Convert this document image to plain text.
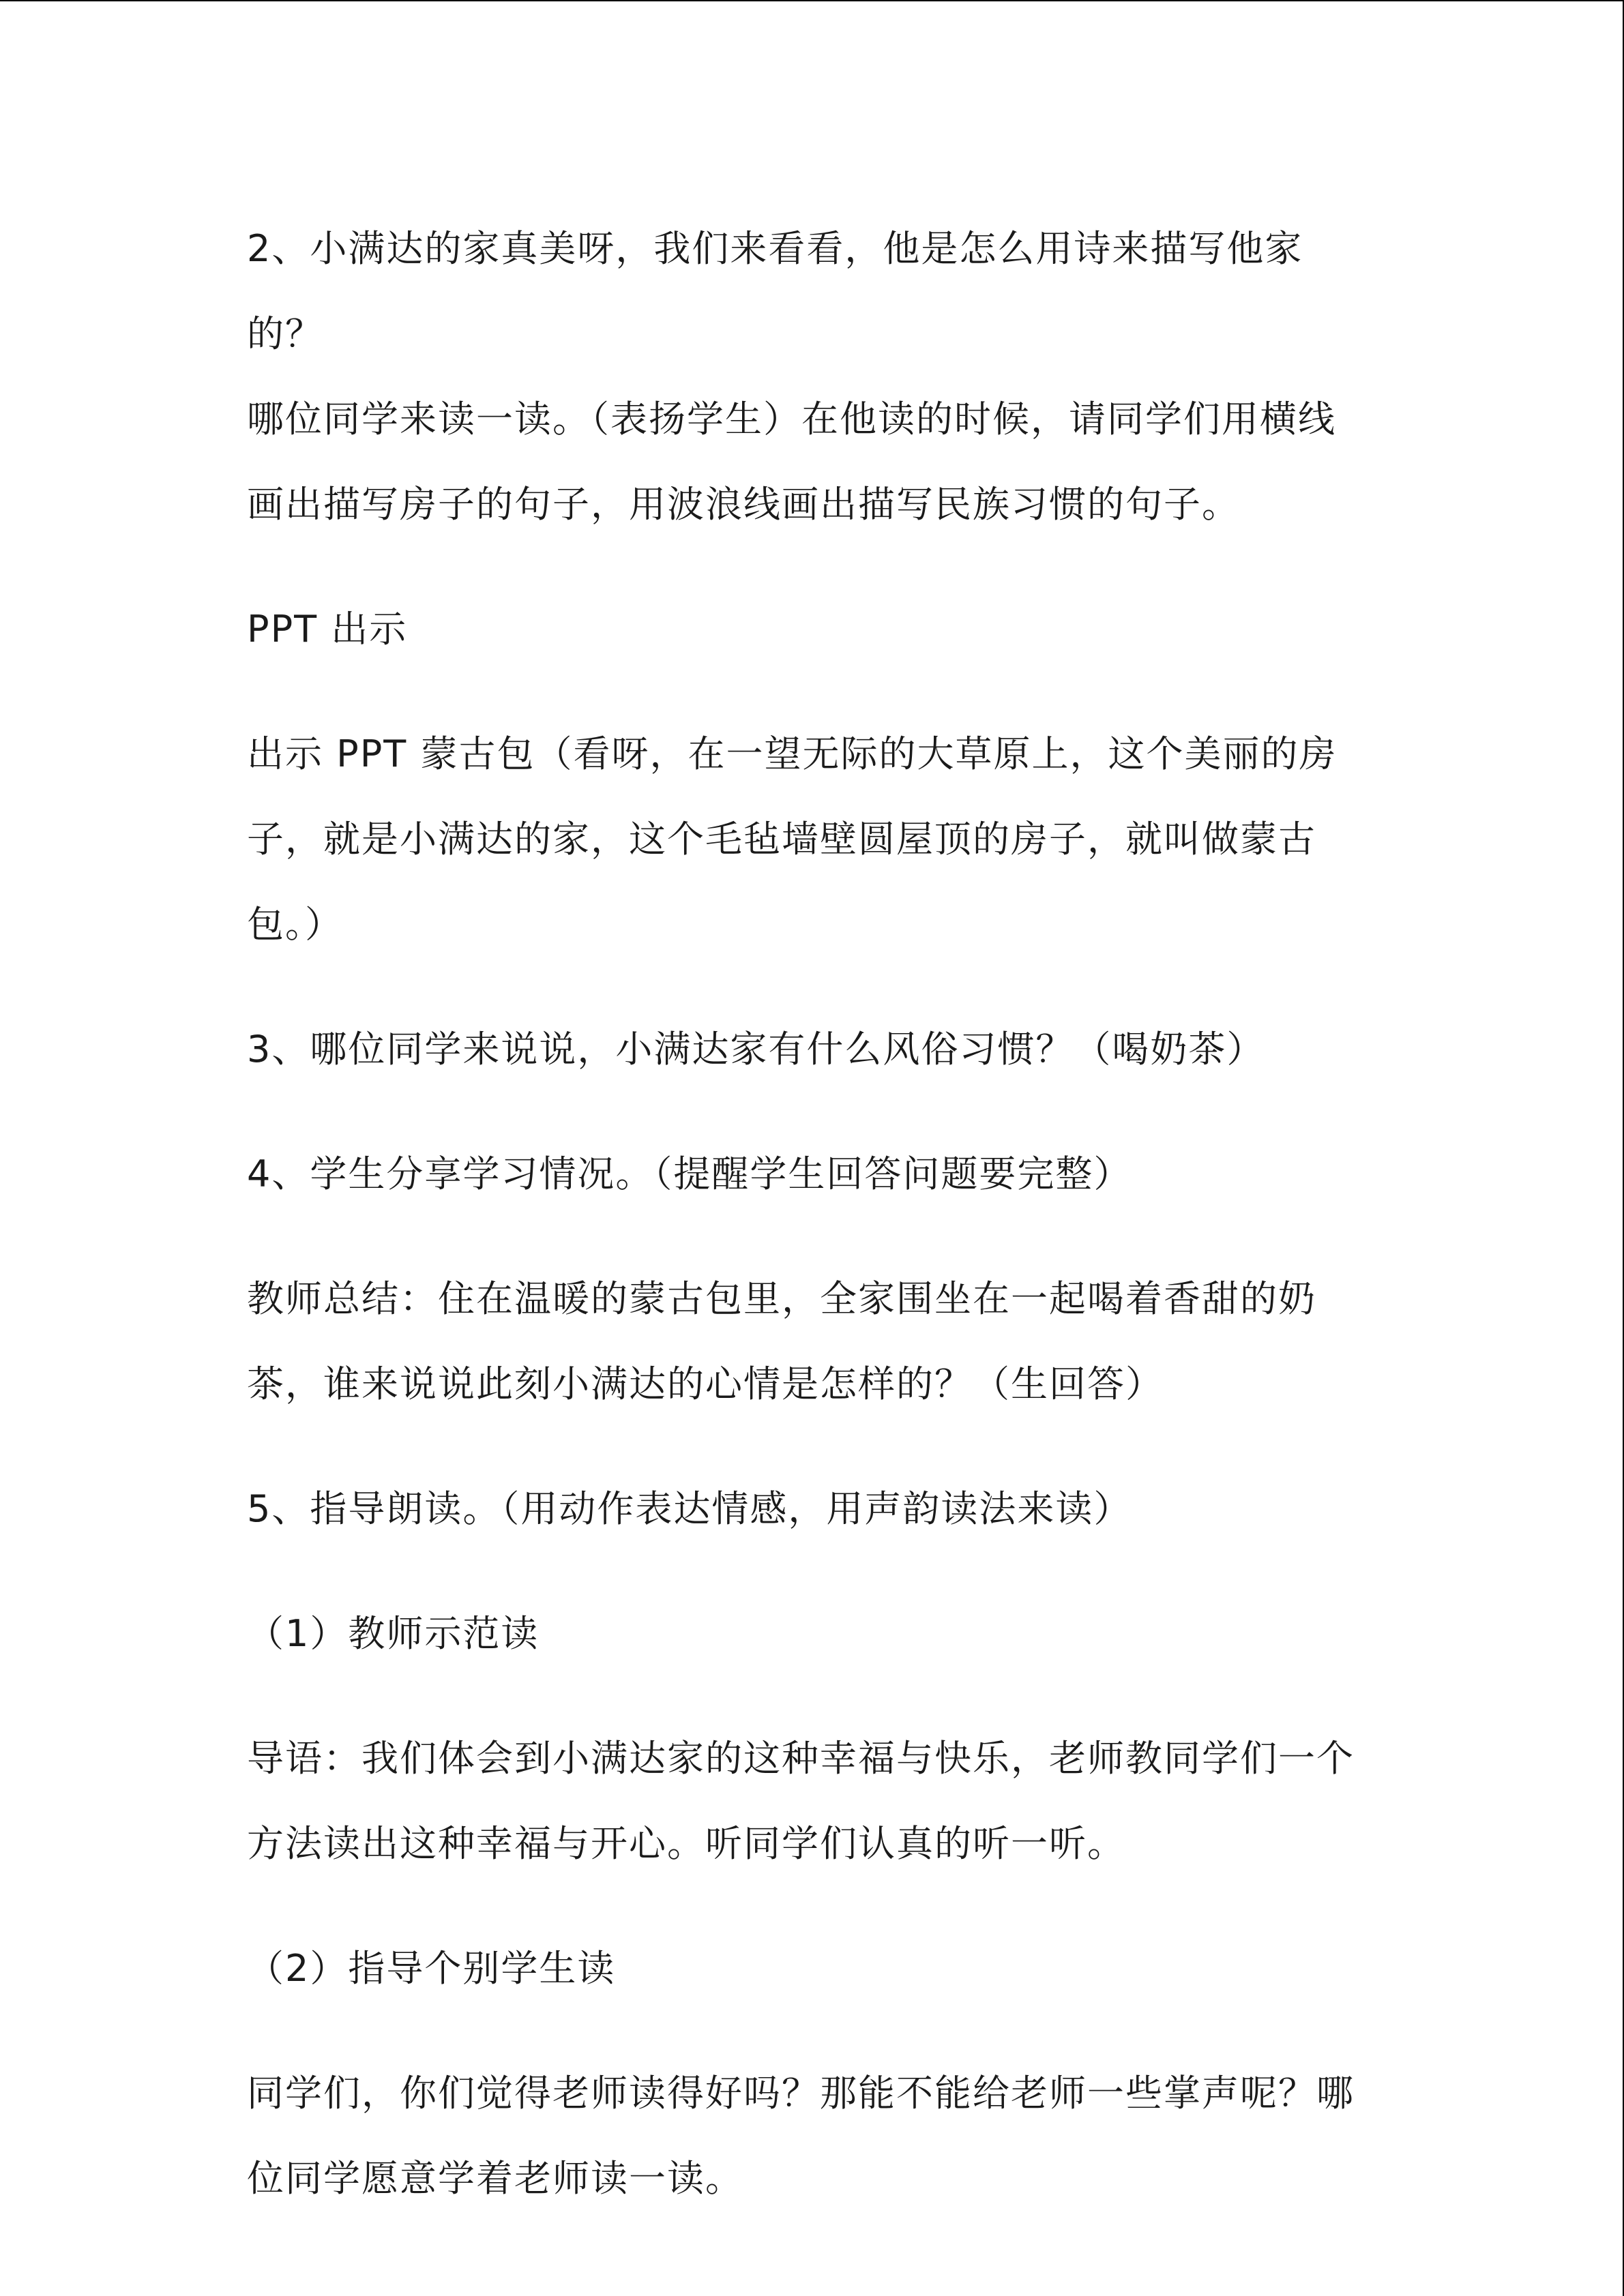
2、小满达的家真美呀，我们来看看，他是怎么用诗来描写他家的？
哪位同学来读一读。（表扬学生）在他读的时候，请同学们用横线
画出描写房子的句子，用波浪线画出描写民族习惯的句子。

PPT 出示

出示 PPT 蒙古包（看呀，在一望无际的大草原上，这个美丽的房
子，就是小满达的家，这个毛毡墙壁圆屋顶的房子，就叫做蒙古
包。）

3、哪位同学来说说，小满达家有什么风俗习惯？（喝奶茶）

4、学生分享学习情况。（提醒学生回答问题要完整）

教师总结：住在温暖的蒙古包里，全家围坐在一起喝着香甜的奶
茶，谁来说说此刻小满达的心情是怎样的？（生回答）

5、指导朗读。（用动作表达情感，用声韵读法来读）

（1）教师示范读

导语：我们体会到小满达家的这种幸福与快乐，老师教同学们一个
方法读出这种幸福与开心。听同学们认真的听一听。

（2）指导个别学生读

同学们，你们觉得老师读得好吗？那能不能给老师一些掌声呢？哪
位同学愿意学着老师读一读。
